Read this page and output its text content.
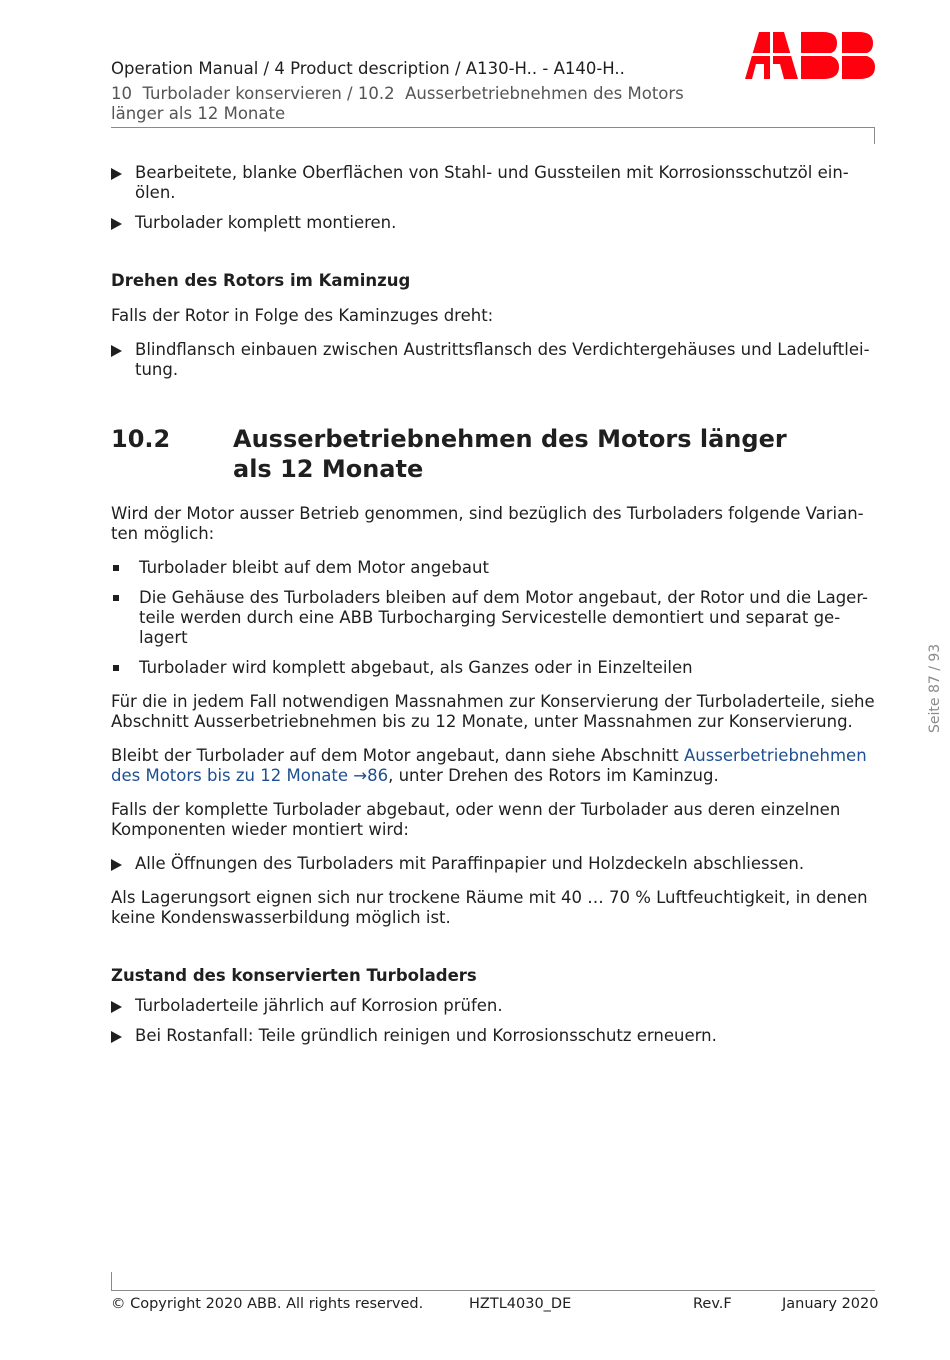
Operation Manual / 4 Product description / A130-H.. - A140-H..
10  Turbolader konservieren / 10.2  Ausserbetriebnehmen des Motors
länger als 12 Monate
Seite 87 / 93
Bearbeitete, blanke Oberflächen von Stahl- und Gussteilen mit Korrosionsschutzöl ein-ölen.
Turbolader komplett montieren.
Drehen des Rotors im Kaminzug
Falls der Rotor in Folge des Kaminzuges dreht:
Blindflansch einbauen zwischen Austrittsflansch des Verdichtergehäuses und Ladeluftlei-tung.
10.2	Ausserbetriebnehmen des Motors länger als 12 Monate
Wird der Motor ausser Betrieb genommen, sind bezüglich des Turboladers folgende Varian-ten möglich:
Turbolader bleibt auf dem Motor angebaut
Die Gehäuse des Turboladers bleiben auf dem Motor angebaut, der Rotor und die Lager-teile werden durch eine ABB Turbocharging Servicestelle demontiert und separat ge-lagert
Turbolader wird komplett abgebaut, als Ganzes oder in Einzelteilen
Für die in jedem Fall notwendigen Massnahmen zur Konservierung der Turboladerteile, siehe Abschnitt Ausserbetriebnehmen bis zu 12 Monate, unter Massnahmen zur Konservierung.
Bleibt der Turbolader auf dem Motor angebaut, dann siehe Abschnitt Ausserbetriebnehmen des Motors bis zu 12 Monate →86, unter Drehen des Rotors im Kaminzug.
Falls der komplette Turbolader abgebaut, oder wenn der Turbolader aus deren einzelnen Komponenten wieder montiert wird:
Alle Öffnungen des Turboladers mit Paraffinpapier und Holzdeckeln abschliessen.
Als Lagerungsort eignen sich nur trockene Räume mit 40 … 70 % Luftfeuchtigkeit, in denen keine Kondenswasserbildung möglich ist.
Zustand des konservierten Turboladers
Turboladerteile jährlich auf Korrosion prüfen.
Bei Rostanfall: Teile gründlich reinigen und Korrosionsschutz erneuern.
© Copyright 2020 ABB. All rights reserved.	HZTL4030_DE	Rev.F	January 2020
